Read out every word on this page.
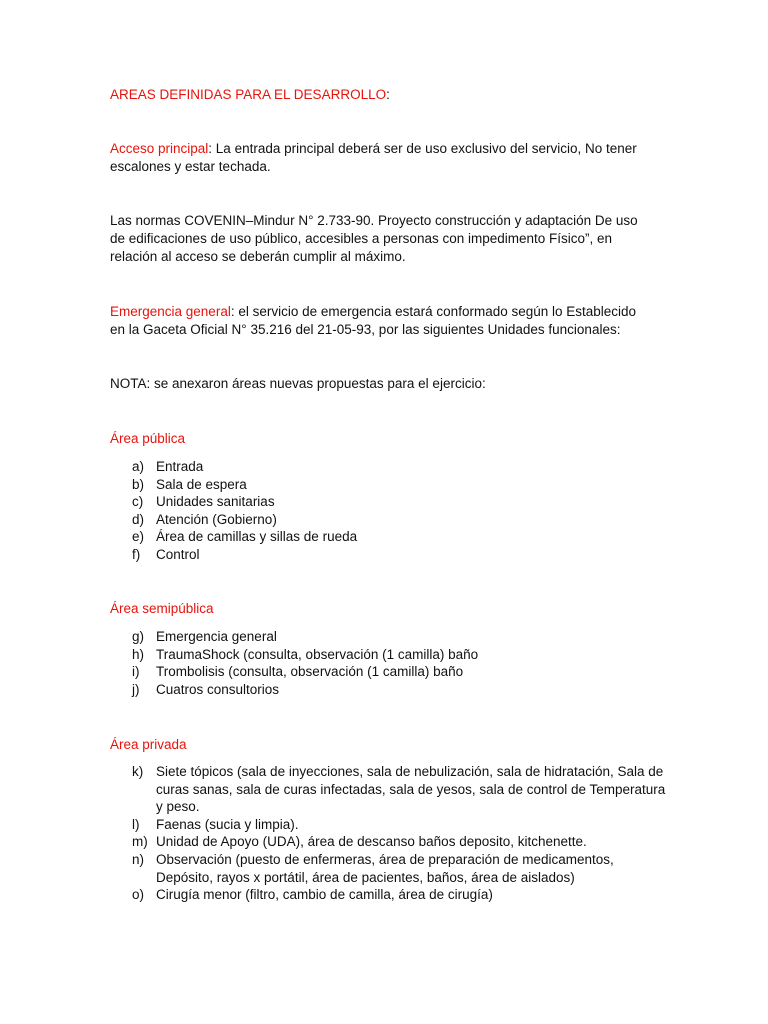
AREAS DEFINIDAS PARA EL DESARROLLO:

Acceso principal: La entrada principal deberá ser de uso exclusivo del servicio, No tener escalones y estar techada.

Las normas COVENIN–Mindur N° 2.733-90. Proyecto construcción y adaptación De uso de edificaciones de uso público, accesibles a personas con impedimento Físico”, en relación al acceso se deberán cumplir al máximo.

Emergencia general: el servicio de emergencia estará conformado según lo Establecido en la Gaceta Oficial N° 35.216 del 21-05-93, por las siguientes Unidades funcionales:

NOTA: se anexaron áreas nuevas propuestas para el ejercicio:

Área pública

a) Entrada
b) Sala de espera
c) Unidades sanitarias
d) Atención (Gobierno)
e) Área de camillas y sillas de rueda
f) Control

Área semipública

g) Emergencia general
h) TraumaShock (consulta, observación (1 camilla) baño
i) Trombolisis (consulta, observación (1 camilla) baño
j) Cuatros consultorios

Área privada

k) Siete tópicos (sala de inyecciones, sala de nebulización, sala de hidratación, Sala de curas sanas, sala de curas infectadas, sala de yesos, sala de control de Temperatura y peso.
l) Faenas (sucia y limpia).
m) Unidad de Apoyo (UDA), área de descanso baños deposito, kitchenette.
n) Observación (puesto de enfermeras, área de preparación de medicamentos, Depósito, rayos x portátil, área de pacientes, baños, área de aislados)
o) Cirugía menor (filtro, cambio de camilla, área de cirugía)
